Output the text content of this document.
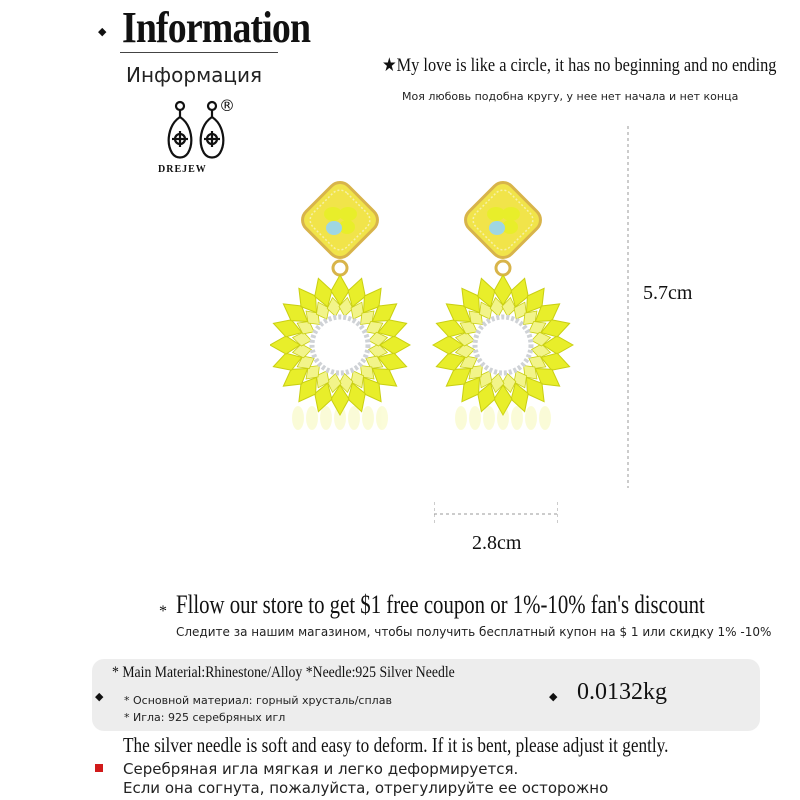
◆ Information
Информация
®
DREJEW
★My love is like a circle, it has no beginning and no ending
Моя любовь подобна кругу, у нее нет начала и нет конца
5.7cm
2.8cm
* Fllow our store to get $1 free coupon or 1%-10% fan's discount
Следите за нашим магазином, чтобы получить бесплатный купон на $ 1 или скидку 1% -10%
◆
* Main Material:Rhinestone/Alloy *Needle:925 Silver Needle
* Основной материал: горный хрусталь/сплав
* Игла: 925 серебряных игл
◆ 0.0132kg
The silver needle is soft and easy to deform. If it is bent, please adjust it gently.
Серебряная игла мягкая и легко деформируется.
Если она согнута, пожалуйста, отрегулируйте ее осторожно
